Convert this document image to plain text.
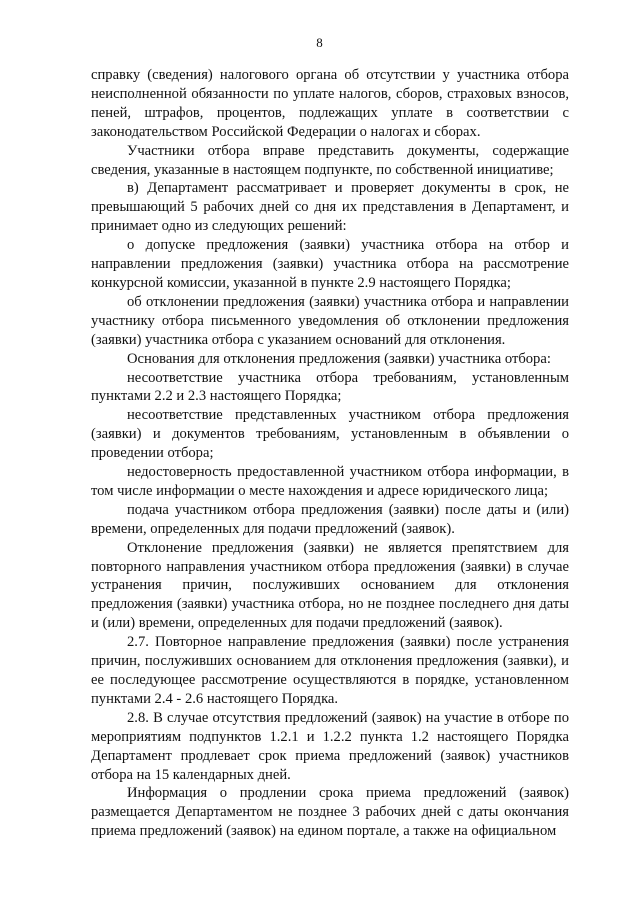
8

справку (сведения) налогового органа об отсутствии у участника отбора неисполненной обязанности по уплате налогов, сборов, страховых взносов, пеней, штрафов, процентов, подлежащих уплате в соответствии с законодательством Российской Федерации о налогах и сборах.

Участники отбора вправе представить документы, содержащие сведения, указанные в настоящем подпункте, по собственной инициативе;

в) Департамент рассматривает и проверяет документы в срок, не превышающий 5 рабочих дней со дня их представления в Департамент, и принимает одно из следующих решений:

о допуске предложения (заявки) участника отбора на отбор и направлении предложения (заявки) участника отбора на рассмотрение конкурсной комиссии, указанной в пункте 2.9 настоящего Порядка;

об отклонении предложения (заявки) участника отбора и направлении участнику отбора письменного уведомления об отклонении предложения (заявки) участника отбора с указанием оснований для отклонения.

Основания для отклонения предложения (заявки) участника отбора:

несоответствие участника отбора требованиям, установленным пунктами 2.2 и 2.3 настоящего Порядка;

несоответствие представленных участником отбора предложения (заявки) и документов требованиям, установленным в объявлении о проведении отбора;

недостоверность предоставленной участником отбора информации, в том числе информации о месте нахождения и адресе юридического лица;

подача участником отбора предложения (заявки) после даты и (или) времени, определенных для подачи предложений (заявок).

Отклонение предложения (заявки) не является препятствием для повторного направления участником отбора предложения (заявки) в случае устранения причин, послуживших основанием для отклонения предложения (заявки) участника отбора, но не позднее последнего дня даты и (или) времени, определенных для подачи предложений (заявок).

2.7. Повторное направление предложения (заявки) после устранения причин, послуживших основанием для отклонения предложения (заявки), и ее последующее рассмотрение осуществляются в порядке, установленном пунктами 2.4 - 2.6 настоящего Порядка.

2.8. В случае отсутствия предложений (заявок) на участие в отборе по мероприятиям подпунктов 1.2.1 и 1.2.2 пункта 1.2 настоящего Порядка Департамент продлевает срок приема предложений (заявок) участников отбора на 15 календарных дней.

Информация о продлении срока приема предложений (заявок) размещается Департаментом не позднее 3 рабочих дней с даты окончания приема предложений (заявок) на едином портале, а также на официальном
